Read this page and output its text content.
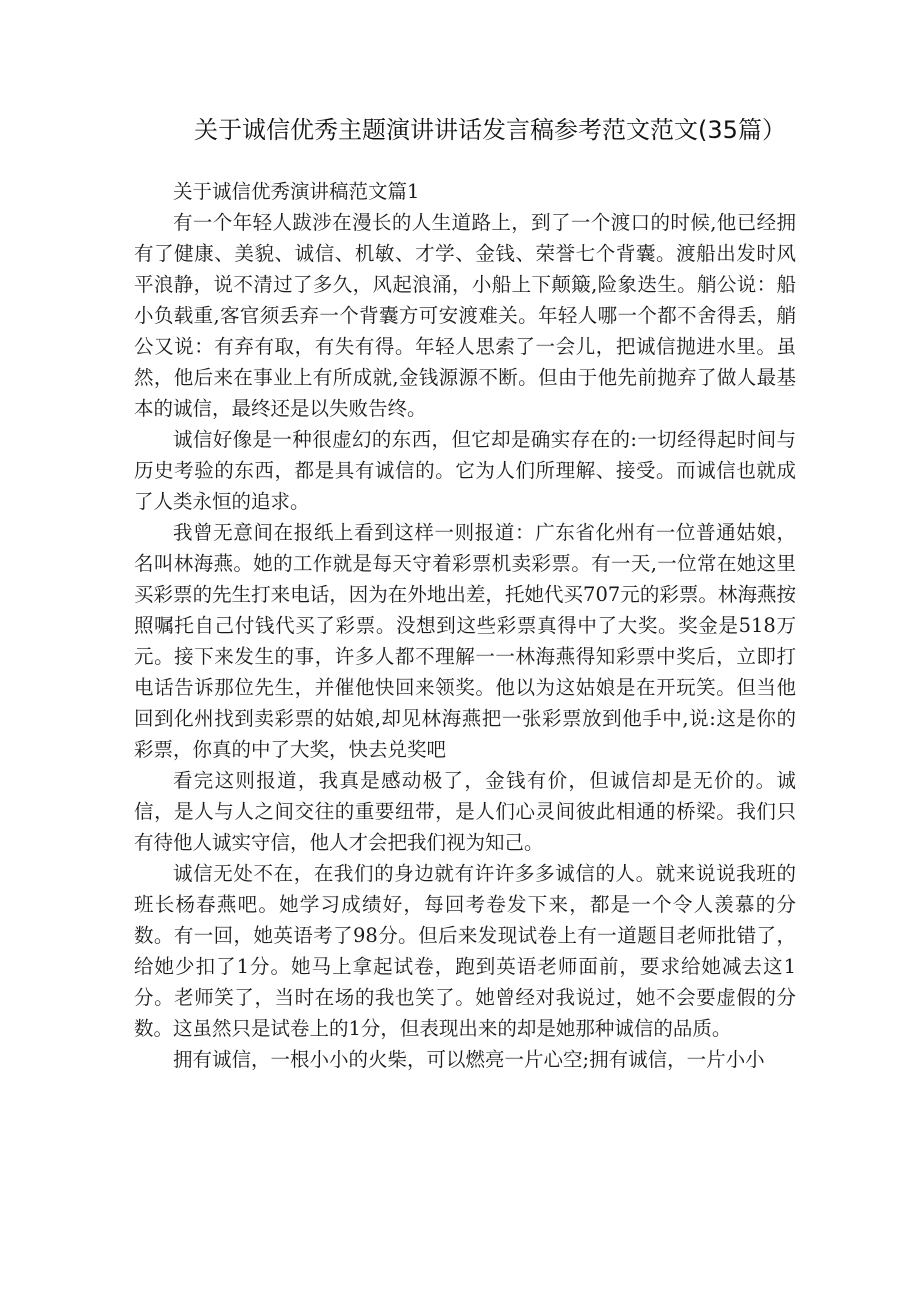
关于诚信优秀主题演讲讲话发言稿参考范文范文(35篇）

关于诚信优秀演讲稿范文篇1

有一个年轻人跋涉在漫长的人生道路上，到了一个渡口的时候,他已经拥有了健康、美貌、诚信、机敏、才学、金钱、荣誉七个背囊。渡船出发时风平浪静，说不清过了多久，风起浪涌，小船上下颠簸,险象迭生。艄公说：船小负载重,客官须丢弃一个背囊方可安渡难关。年轻人哪一个都不舍得丢，艄公又说：有弃有取，有失有得。年轻人思索了一会儿，把诚信抛进水里。虽然，他后来在事业上有所成就,金钱源源不断。但由于他先前抛弃了做人最基本的诚信，最终还是以失败告终。

诚信好像是一种很虚幻的东西，但它却是确实存在的:一切经得起时间与历史考验的东西，都是具有诚信的。它为人们所理解、接受。而诚信也就成了人类永恒的追求。

我曾无意间在报纸上看到这样一则报道：广东省化州有一位普通姑娘，名叫林海燕。她的工作就是每天守着彩票机卖彩票。有一天,一位常在她这里买彩票的先生打来电话，因为在外地出差，托她代买707元的彩票。林海燕按照嘱托自己付钱代买了彩票。没想到这些彩票真得中了大奖。奖金是518万元。接下来发生的事，许多人都不理解一一林海燕得知彩票中奖后，立即打电话告诉那位先生，并催他快回来领奖。他以为这姑娘是在开玩笑。但当他回到化州找到卖彩票的姑娘,却见林海燕把一张彩票放到他手中,说:这是你的彩票，你真的中了大奖，快去兑奖吧

看完这则报道，我真是感动极了，金钱有价，但诚信却是无价的。诚信，是人与人之间交往的重要纽带，是人们心灵间彼此相通的桥梁。我们只有待他人诚实守信，他人才会把我们视为知己。

诚信无处不在，在我们的身边就有许许多多诚信的人。就来说说我班的班长杨春燕吧。她学习成绩好，每回考卷发下来，都是一个令人羡慕的分数。有一回，她英语考了98分。但后来发现试卷上有一道题目老师批错了，给她少扣了1分。她马上拿起试卷，跑到英语老师面前，要求给她减去这1分。老师笑了，当时在场的我也笑了。她曾经对我说过，她不会要虚假的分数。这虽然只是试卷上的1分，但表现出来的却是她那种诚信的品质。

拥有诚信，一根小小的火柴，可以燃亮一片心空;拥有诚信，一片小小
